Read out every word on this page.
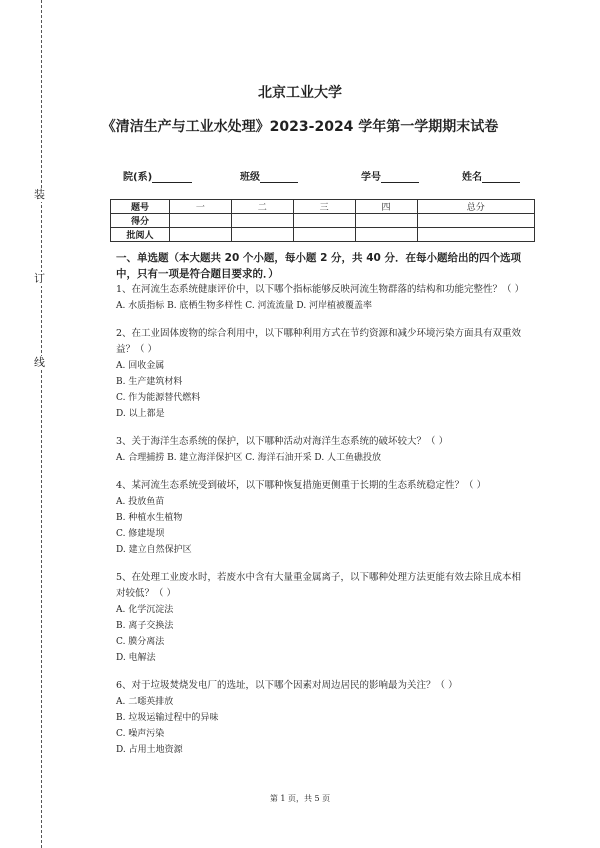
装
订
线
北京工业大学
《清洁生产与工业水处理》2023-2024 学年第一学期期末试卷
院(系)	班级	学号	姓名
题号	一	二	三	四	总分
得分					
批阅人					
一、单选题（本大题共 20 个小题，每小题 2 分，共 40 分．在每小题给出的四个选项中，只有一项是符合题目要求的．）
1、在河流生态系统健康评价中，以下哪个指标能够反映河流生物群落的结构和功能完整性？（ ）
A. 水质指标 B. 底栖生物多样性 C. 河流流量 D. 河岸植被覆盖率
2、在工业固体废物的综合利用中，以下哪种利用方式在节约资源和减少环境污染方面具有双重效益？（ ）
A. 回收金属
B. 生产建筑材料
C. 作为能源替代燃料
D. 以上都是
3、关于海洋生态系统的保护，以下哪种活动对海洋生态系统的破坏较大？（ ）
A. 合理捕捞 B. 建立海洋保护区 C. 海洋石油开采 D. 人工鱼礁投放
4、某河流生态系统受到破坏，以下哪种恢复措施更侧重于长期的生态系统稳定性？（ ）
A. 投放鱼苗
B. 种植水生植物
C. 修建堤坝
D. 建立自然保护区
5、在处理工业废水时，若废水中含有大量重金属离子，以下哪种处理方法更能有效去除且成本相对较低？（ ）
A. 化学沉淀法
B. 离子交换法
C. 膜分离法
D. 电解法
6、对于垃圾焚烧发电厂的选址，以下哪个因素对周边居民的影响最为关注？（ ）
A. 二噁英排放
B. 垃圾运输过程中的异味
C. 噪声污染
D. 占用土地资源
第 1 页，共 5 页
